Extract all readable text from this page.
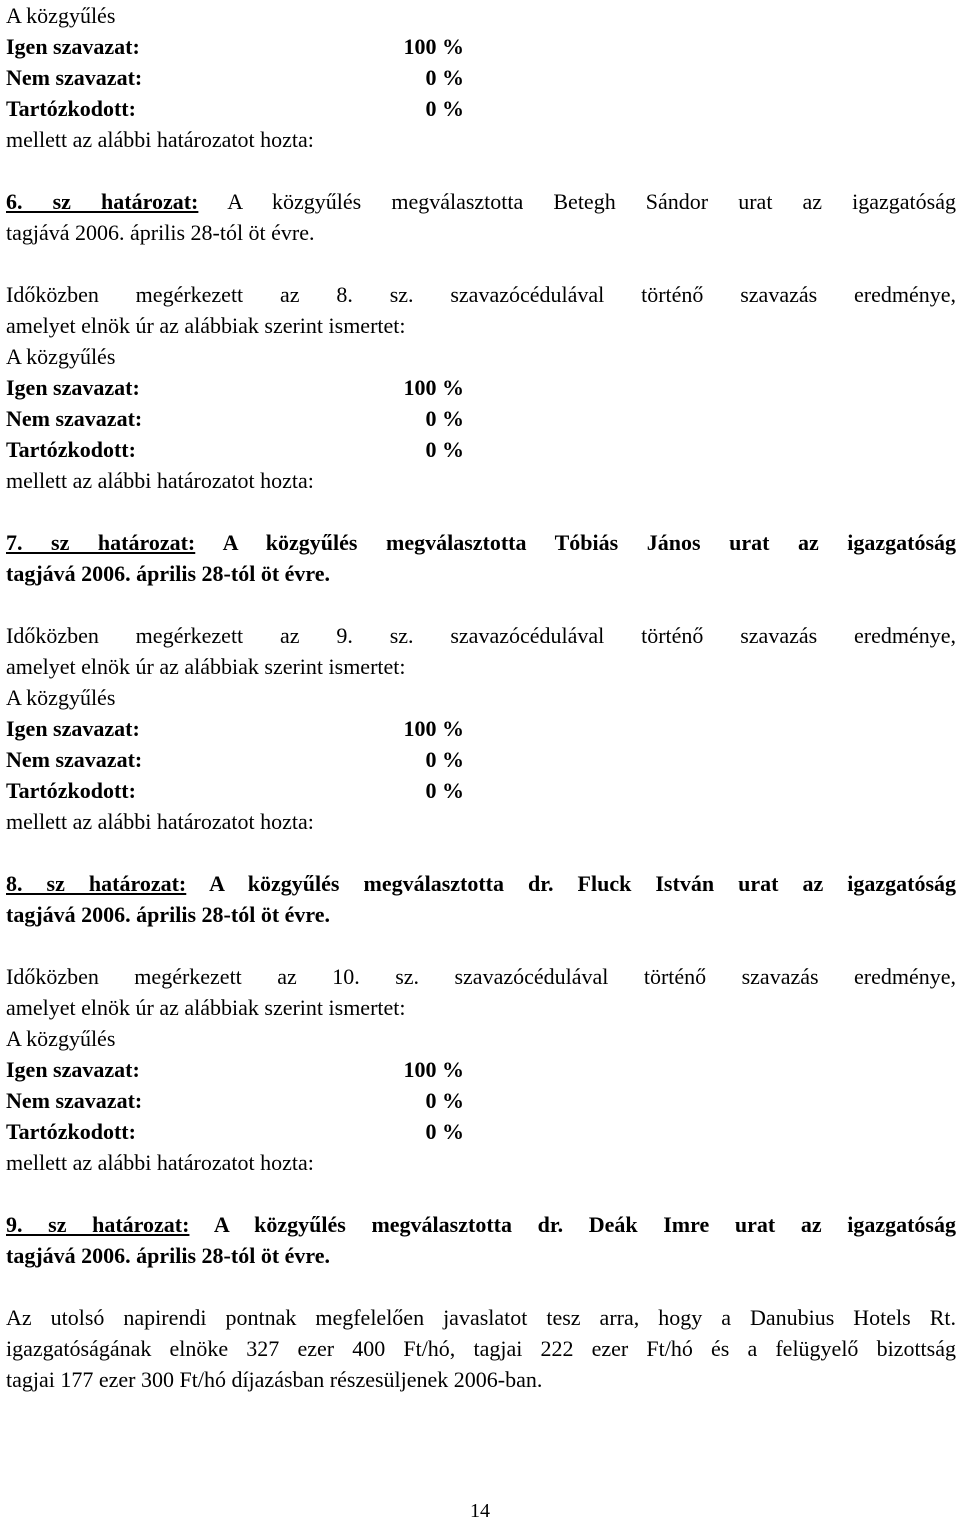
A közgyűlés
Igen szavazat:	100 %
Nem szavazat:	0 %
Tartózkodott:	0 %
mellett az alábbi határozatot hozta:
6. sz határozat: A közgyűlés megválasztotta Betegh Sándor urat az igazgatóság
tagjává 2006. április 28-tól öt évre.
Időközben megérkezett az 8. sz. szavazócédulával történő szavazás eredménye,
amelyet elnök úr az alábbiak szerint ismertet:
A közgyűlés
Igen szavazat:	100 %
Nem szavazat:	0 %
Tartózkodott:	0 %
mellett az alábbi határozatot hozta:
7. sz határozat: A közgyűlés megválasztotta Tóbiás János urat az igazgatóság
tagjává 2006. április 28-tól öt évre.
Időközben megérkezett az 9. sz. szavazócédulával történő szavazás eredménye,
amelyet elnök úr az alábbiak szerint ismertet:
A közgyűlés
Igen szavazat:	100 %
Nem szavazat:	0 %
Tartózkodott:	0 %
mellett az alábbi határozatot hozta:
8. sz határozat: A közgyűlés megválasztotta dr. Fluck István urat az igazgatóság
tagjává 2006. április 28-tól öt évre.
Időközben megérkezett az 10. sz. szavazócédulával történő szavazás eredménye,
amelyet elnök úr az alábbiak szerint ismertet:
A közgyűlés
Igen szavazat:	100 %
Nem szavazat:	0 %
Tartózkodott:	0 %
mellett az alábbi határozatot hozta:
9. sz határozat: A közgyűlés megválasztotta dr. Deák Imre urat az igazgatóság
tagjává 2006. április 28-tól öt évre.
Az utolsó napirendi pontnak megfelelően javaslatot tesz arra, hogy a Danubius Hotels Rt.
igazgatóságának elnöke 327 ezer 400 Ft/hó, tagjai 222 ezer Ft/hó és a felügyelő bizottság
tagjai 177 ezer 300 Ft/hó díjazásban részesüljenek 2006-ban.
14
